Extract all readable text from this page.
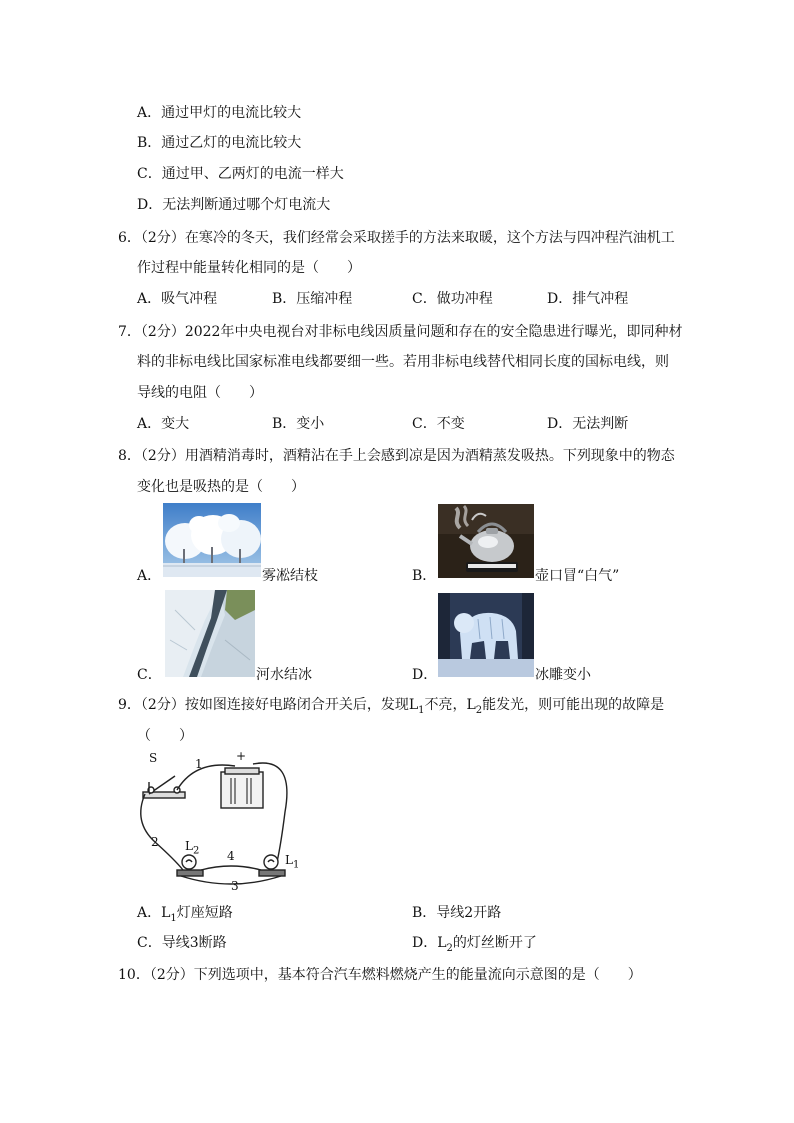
A．通过甲灯的电流比较大
B．通过乙灯的电流比较大
C．通过甲、乙两灯的电流一样大
D．无法判断通过哪个灯电流大
6．（2分）在寒冷的冬天，我们经常会采取搓手的方法来取暖，这个方法与四冲程汽油机工
作过程中能量转化相同的是（　　）
A．吸气冲程	B．压缩冲程	C．做功冲程	D．排气冲程
7．（2分）2022年中央电视台对非标电线因质量问题和存在的安全隐患进行曝光，即同种材
料的非标电线比国家标准电线都要细一些。若用非标电线替代相同长度的国标电线，则
导线的电阻（　　）
A．变大	B．变小	C．不变	D．无法判断
8．（2分）用酒精消毒时，酒精沾在手上会感到凉是因为酒精蒸发吸热。下列现象中的物态
变化也是吸热的是（　　）
A．	雾凇结枝	B．	壶口冒“白气”
C．	河水结冰	D．	冰雕变小
9．（2分）按如图连接好电路闭合开关后，发现$L_1$不亮，$L_2$能发光，则可能出现的故障是
（　　）
S	1
+
2 $L_2$ 4	$L_1$
3
A．$L_1$灯座短路	B．导线2开路
C．导线3断路	D．$L_2$的灯丝断开了
10．（2分）下列选项中，基本符合汽车燃料燃烧产生的能量流向示意图的是（　　）
